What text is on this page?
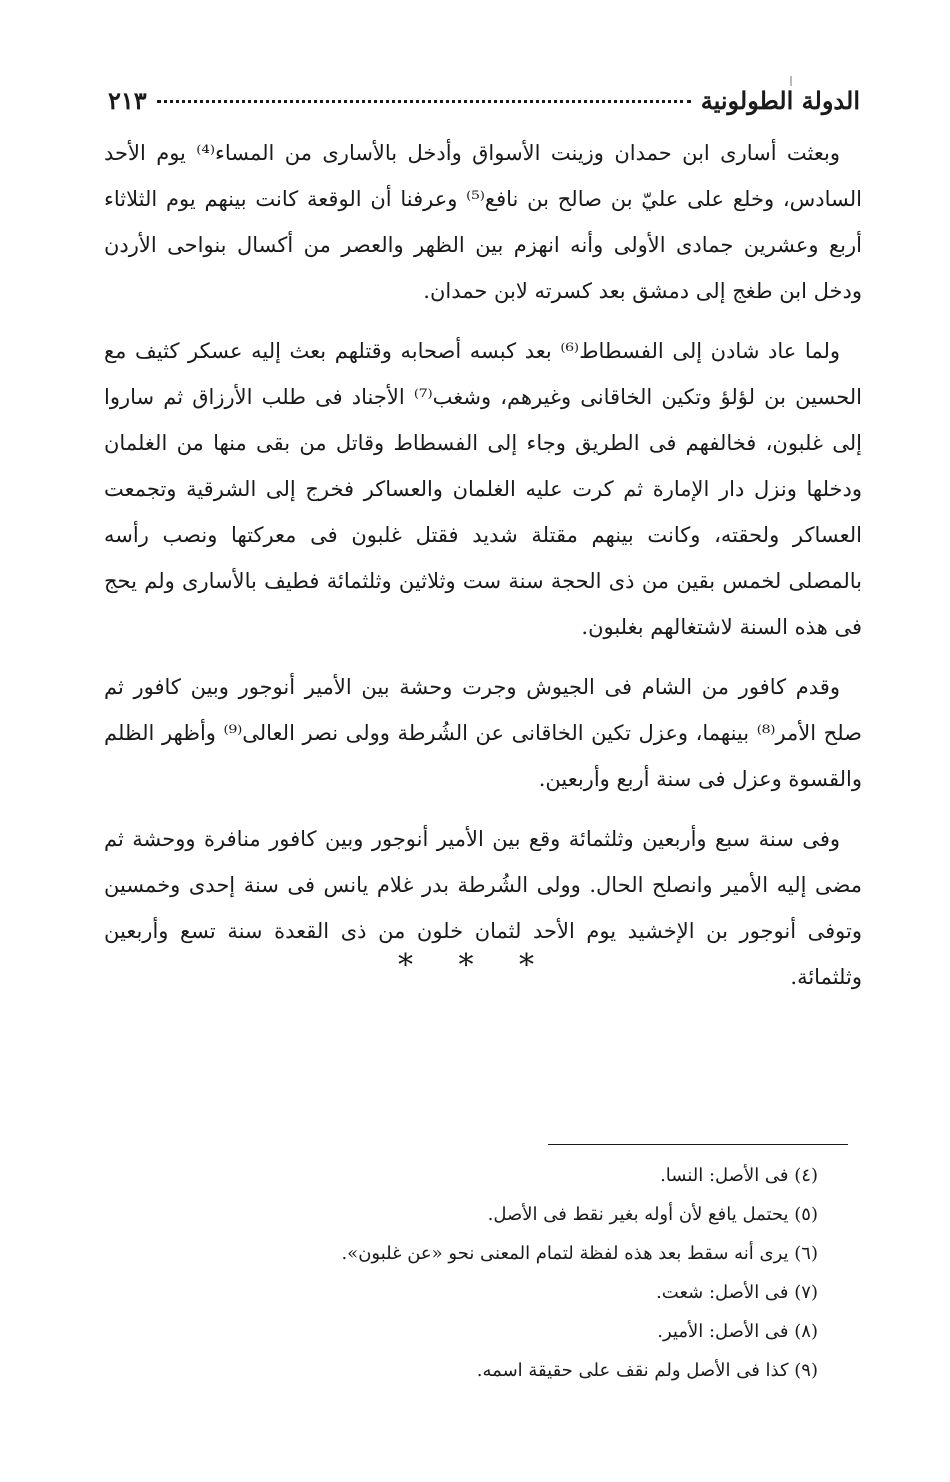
الدولة الطولونية
٢١٣

وبعثت أسارى ابن حمدان وزينت الأسواق وأدخل بالأسارى من المساء⁽⁴⁾ يوم الأحد السادس، وخلع على عليّ بن صالح بن نافع⁽⁵⁾ وعرفنا أن الوقعة كانت بينهم يوم الثلاثاء أربع وعشرين جمادى الأولى وأنه انهزم بين الظهر والعصر من أكسال بنواحى الأردن ودخل ابن طغج إلى دمشق بعد كسرته لابن حمدان.

ولما عاد شادن إلى الفسطاط⁽⁶⁾ بعد كبسه أصحابه وقتلهم بعث إليه عسكر كثيف مع الحسين بن لؤلؤ وتكين الخاقانى وغيرهم، وشغب⁽⁷⁾ الأجناد فى طلب الأرزاق ثم ساروا إلى غلبون، فخالفهم فى الطريق وجاء إلى الفسطاط وقاتل من بقى منها من الغلمان ودخلها ونزل دار الإمارة ثم كرت عليه الغلمان والعساكر فخرج إلى الشرقية وتجمعت العساكر ولحقته، وكانت بينهم مقتلة شديد فقتل غلبون فى معركتها ونصب رأسه بالمصلى لخمس بقين من ذى الحجة سنة ست وثلاثين وثلثمائة فطيف بالأسارى ولم يحج فى هذه السنة لاشتغالهم بغلبون.

وقدم كافور من الشام فى الجيوش وجرت وحشة بين الأمير أنوجور وبين كافور ثم صلح الأمر⁽⁸⁾ بينهما، وعزل تكين الخاقانى عن الشُرطة وولى نصر العالى⁽⁹⁾ وأظهر الظلم والقسوة وعزل فى سنة أربع وأربعين.

وفى سنة سبع وأربعين وثلثمائة وقع بين الأمير أنوجور وبين كافور منافرة ووحشة ثم مضى إليه الأمير وانصلح الحال. وولى الشُرطة بدر غلام يانس فى سنة إحدى وخمسين وتوفى أنوجور بن الإخشيد يوم الأحد لثمان خلون من ذى القعدة سنة تسع وأربعين وثلثمائة.

* * *

(٤) فى الأصل: النسا.

(٥) يحتمل يافع لأن أوله بغير نقط فى الأصل.

(٦) يرى أنه سقط بعد هذه لفظة لتمام المعنى نحو «عن غلبون».

(٧) فى الأصل: شعت.

(٨) فى الأصل: الأمير.

(٩) كذا فى الأصل ولم نقف على حقيقة اسمه.
